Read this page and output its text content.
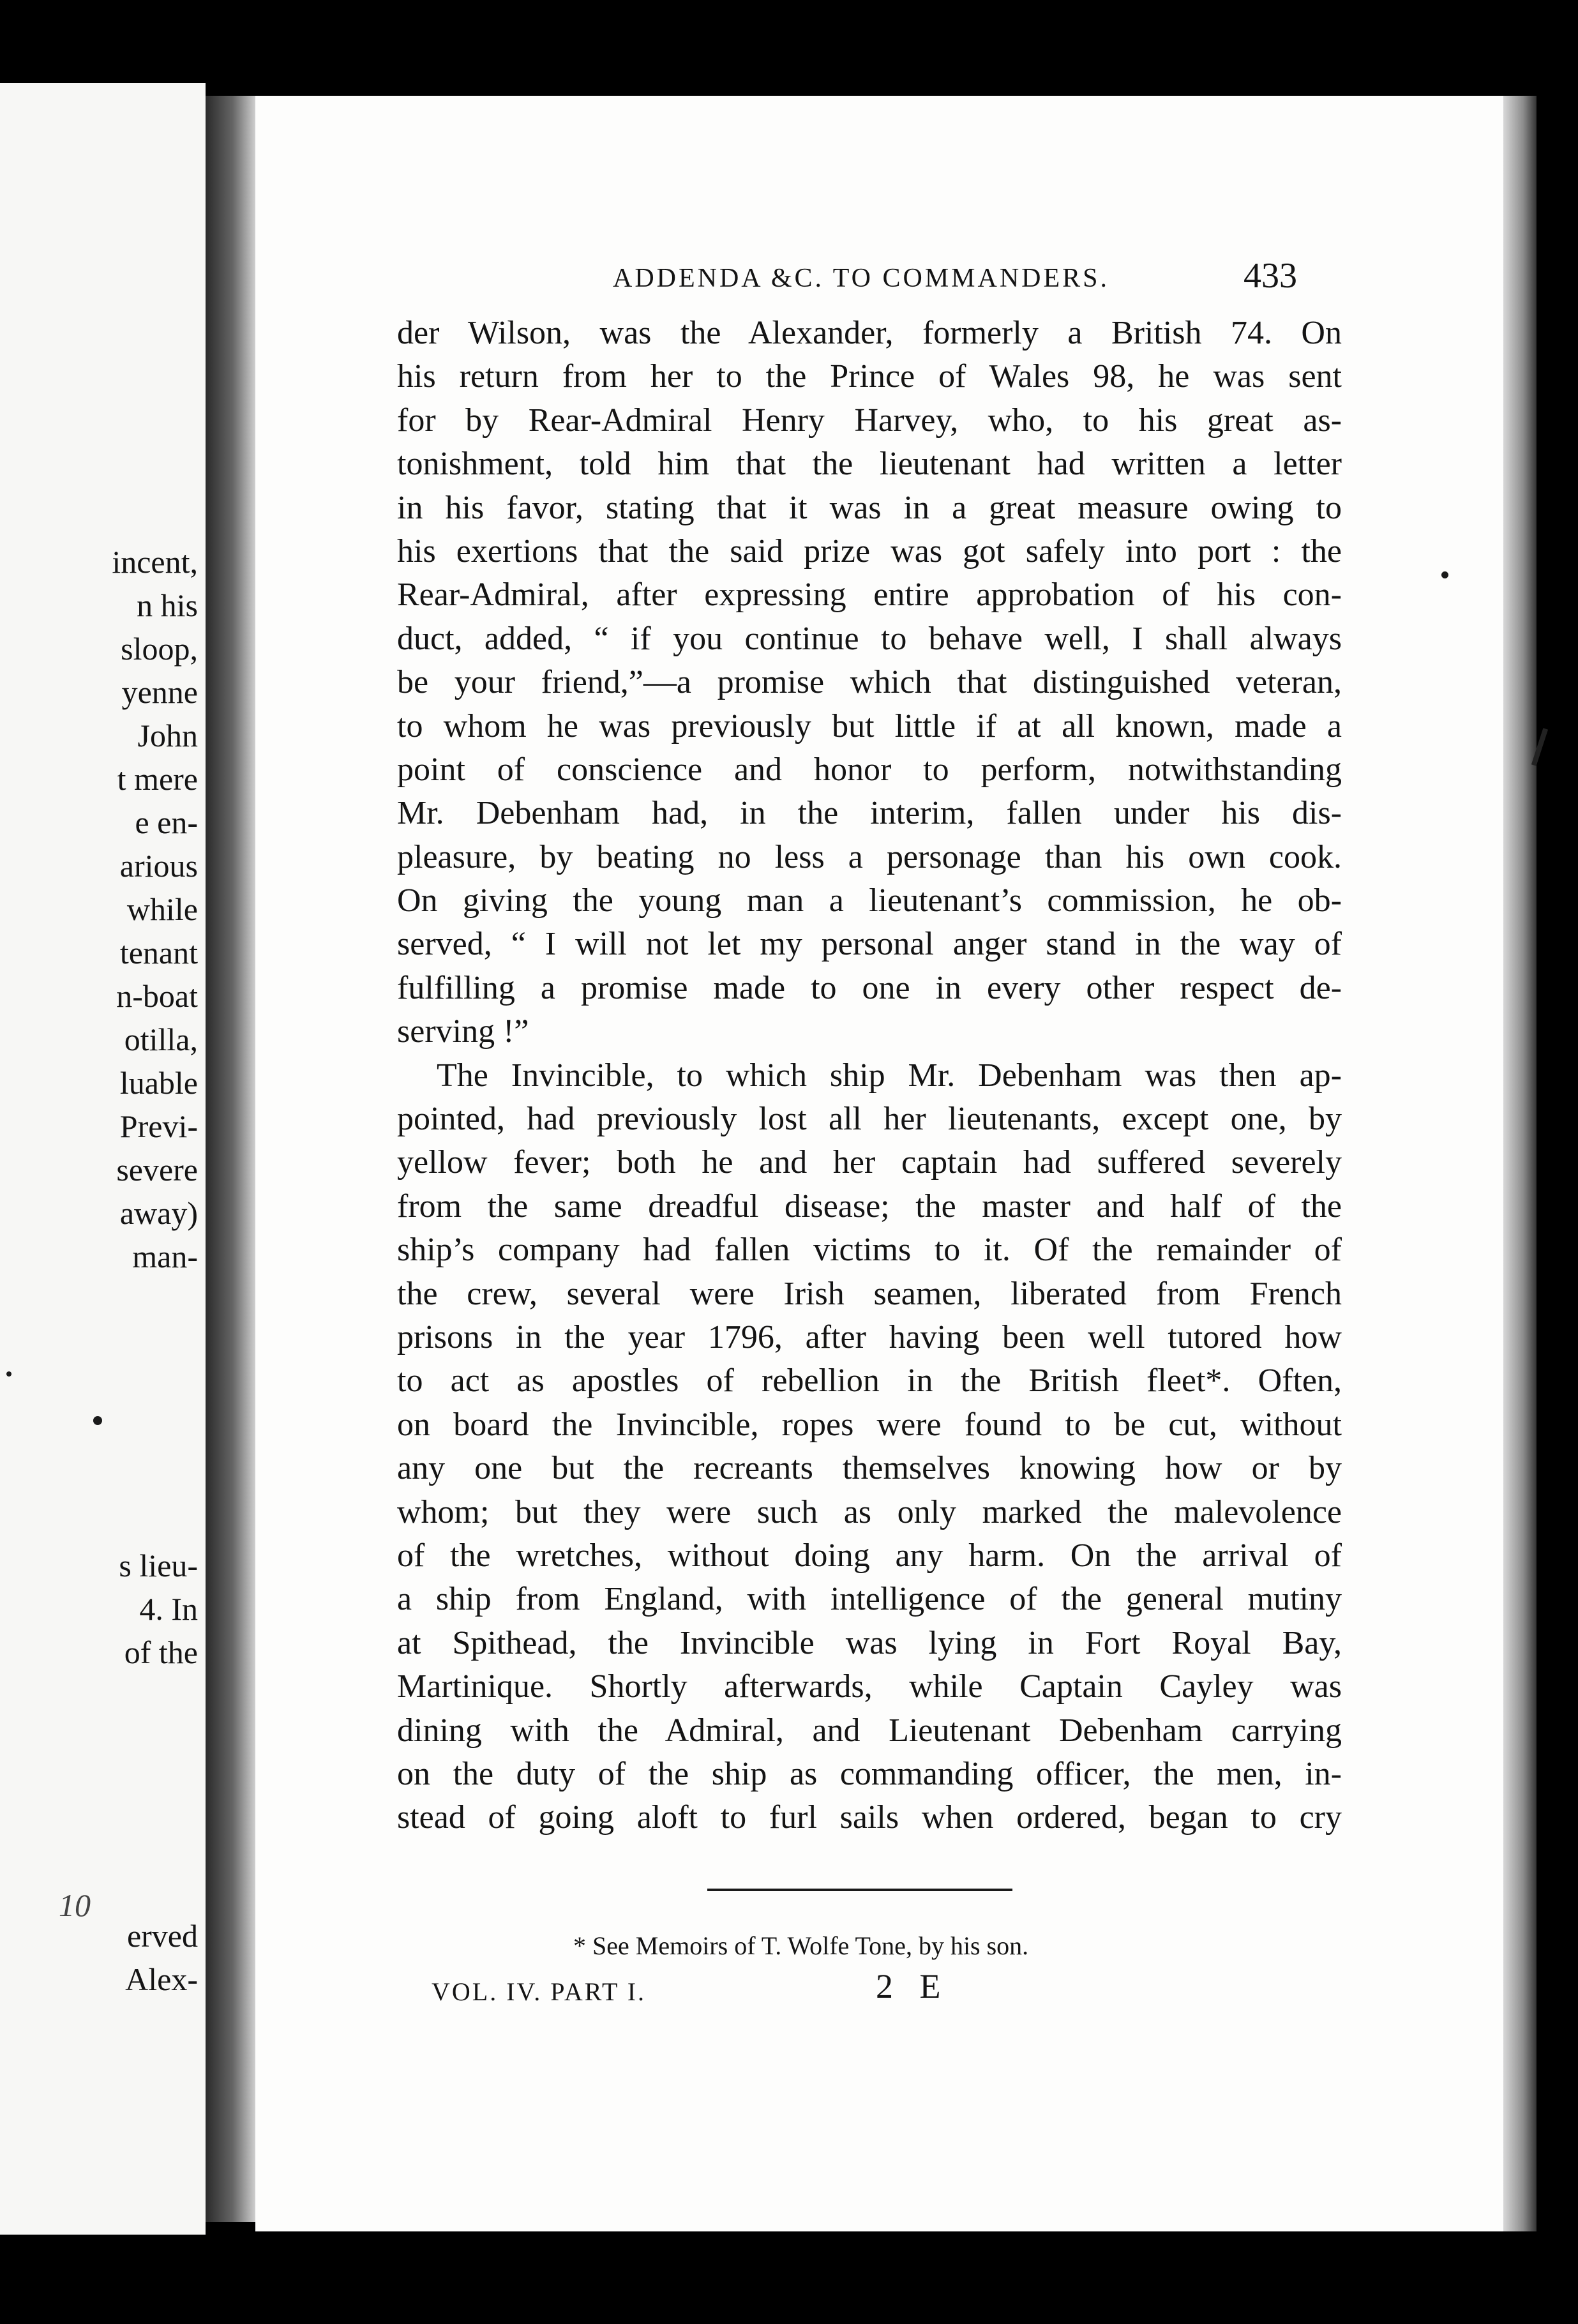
incent,

n his

sloop,

yenne

John

t mere

e en-

arious

while

tenant

n-boat

otilla,

luable

Previ-

severe

away)

man-

s lieu-

4. In

of the

erved

Alex-

10

ADDENDA &C. TO COMMANDERS.	433

der Wilson, was the Alexander, formerly a British 74. On
his return from her to the Prince of Wales 98, he was sent
for by Rear-Admiral Henry Harvey, who, to his great as-
tonishment, told him that the lieutenant had written a letter
in his favor, stating that it was in a great measure owing to
his exertions that the said prize was got safely into port : the
Rear-Admiral, after expressing entire approbation of his con-
duct, added, “ if you continue to behave well, I shall always
be your friend,”—a promise which that distinguished veteran,
to whom he was previously but little if at all known, made a
point of conscience and honor to perform, notwithstanding
Mr. Debenham had, in the interim, fallen under his dis-
pleasure, by beating no less a personage than his own cook.
On giving the young man a lieutenant’s commission, he ob-
served, “ I will not let my personal anger stand in the way of
fulfilling a promise made to one in every other respect de-
serving !”
The Invincible, to which ship Mr. Debenham was then ap-
pointed, had previously lost all her lieutenants, except one, by
yellow fever; both he and her captain had suffered severely
from the same dreadful disease; the master and half of the
ship’s company had fallen victims to it. Of the remainder of
the crew, several were Irish seamen, liberated from French
prisons in the year 1796, after having been well tutored how
to act as apostles of rebellion in the British fleet*. Often,
on board the Invincible, ropes were found to be cut, without
any one but the recreants themselves knowing how or by
whom; but they were such as only marked the malevolence
of the wretches, without doing any harm. On the arrival of
a ship from England, with intelligence of the general mutiny
at Spithead, the Invincible was lying in Fort Royal Bay,
Martinique. Shortly afterwards, while Captain Cayley was
dining with the Admiral, and Lieutenant Debenham carrying
on the duty of the ship as commanding officer, the men, in-
stead of going aloft to furl sails when ordered, began to cry

* See Memoirs of T. Wolfe Tone, by his son.

VOL. IV. PART I.	2 E
